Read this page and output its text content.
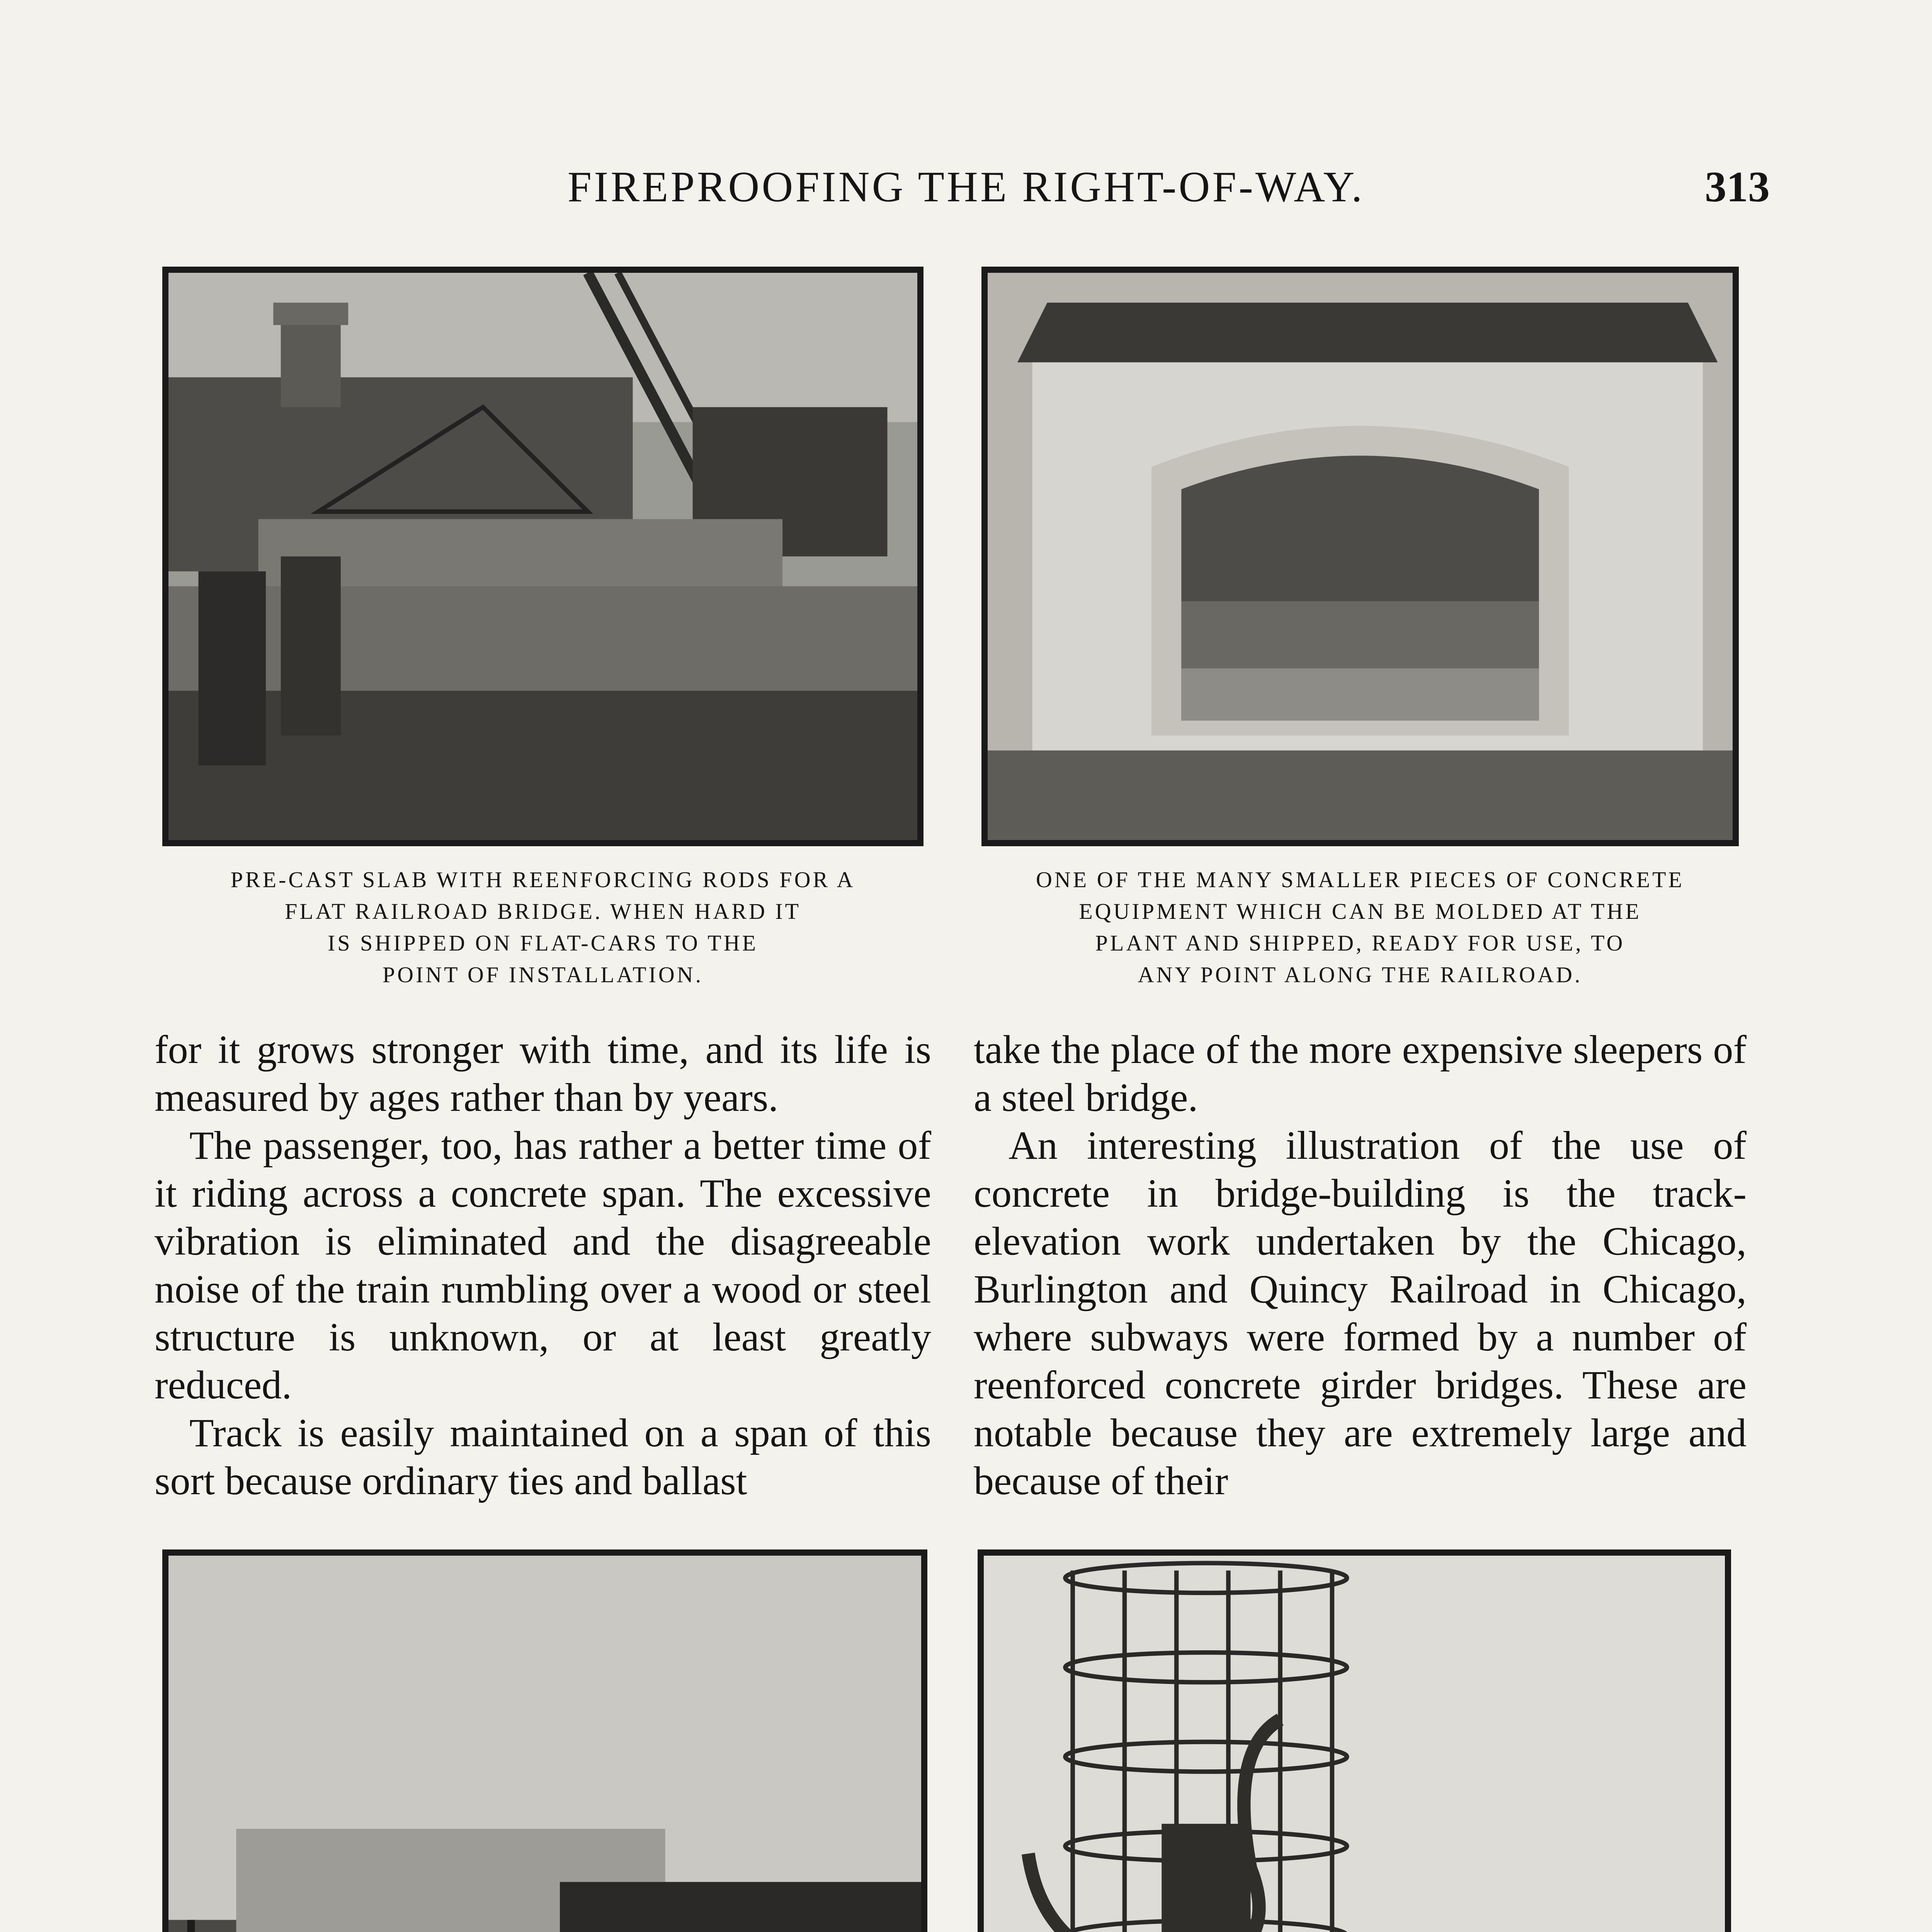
FIREPROOFING THE RIGHT-OF-WAY.	313
PRE-CAST SLAB WITH REENFORCING RODS FOR A
FLAT RAILROAD BRIDGE. WHEN HARD IT
IS SHIPPED ON FLAT-CARS TO THE
POINT OF INSTALLATION.
ONE OF THE MANY SMALLER PIECES OF CONCRETE
EQUIPMENT WHICH CAN BE MOLDED AT THE
PLANT AND SHIPPED, READY FOR USE, TO
ANY POINT ALONG THE RAILROAD.

for it grows stronger with time, and its life is measured by ages rather than by years.

The passenger, too, has rather a better time of it riding across a concrete span. The excessive vibration is eliminated and the disagreeable noise of the train rumbling over a wood or steel structure is unknown, or at least greatly reduced.

Track is easily maintained on a span of this sort because ordinary ties and ballast

take the place of the more expensive sleepers of a steel bridge.

An interesting illustration of the use of concrete in bridge-building is the track-elevation work undertaken by the Chicago, Burlington and Quincy Railroad in Chicago, where subways were formed by a number of reenforced concrete girder bridges. These are notable because they are extremely large and because of their
